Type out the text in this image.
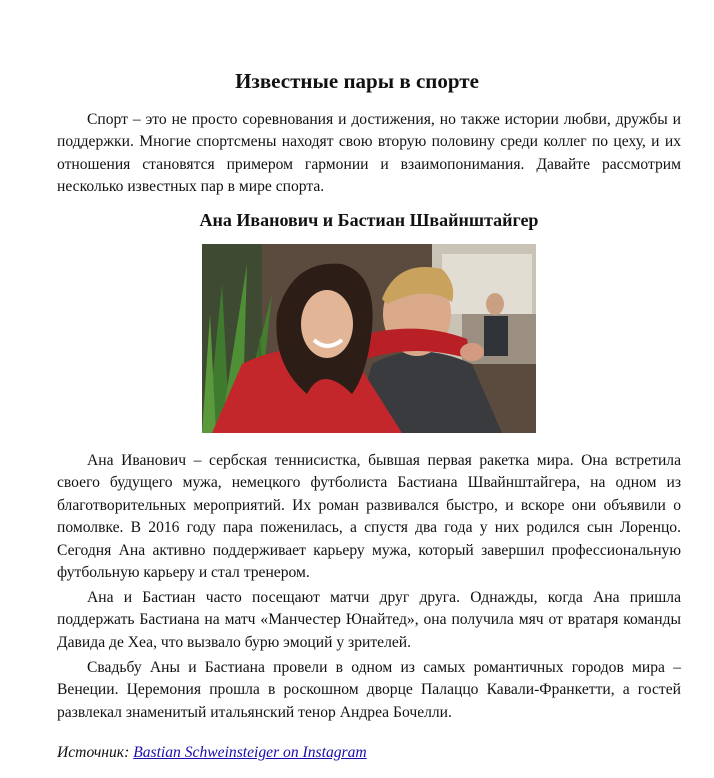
Известные пары в спорте

Спорт – это не просто соревнования и достижения, но также истории любви, дружбы и поддержки. Многие спортсмены находят свою вторую половину среди коллег по цеху, и их отношения становятся примером гармонии и взаимопонимания. Давайте рассмотрим несколько известных пар в мире спорта.

Ана Иванович и Бастиан Швайнштайгер

Ана Иванович – сербская теннисистка, бывшая первая ракетка мира. Она встретила своего будущего мужа, немецкого футболиста Бастиана Швайнштайгера, на одном из благотворительных мероприятий. Их роман развивался быстро, и вскоре они объявили о помолвке. В 2016 году пара поженилась, а спустя два года у них родился сын Лоренцо. Сегодня Ана активно поддерживает карьеру мужа, который завершил профессиональную футбольную карьеру и стал тренером.

Ана и Бастиан часто посещают матчи друг друга. Однажды, когда Ана пришла поддержать Бастиана на матч «Манчестер Юнайтед», она получила мяч от вратаря команды Давида де Хеа, что вызвало бурю эмоций у зрителей.

Свадьбу Аны и Бастиана провели в одном из самых романтичных городов мира – Венеции. Церемония прошла в роскошном дворце Палаццо Кавали-Франкетти, а гостей развлекал знаменитый итальянский тенор Андреа Бочелли.

Источник: Bastian Schweinsteiger on Instagram
